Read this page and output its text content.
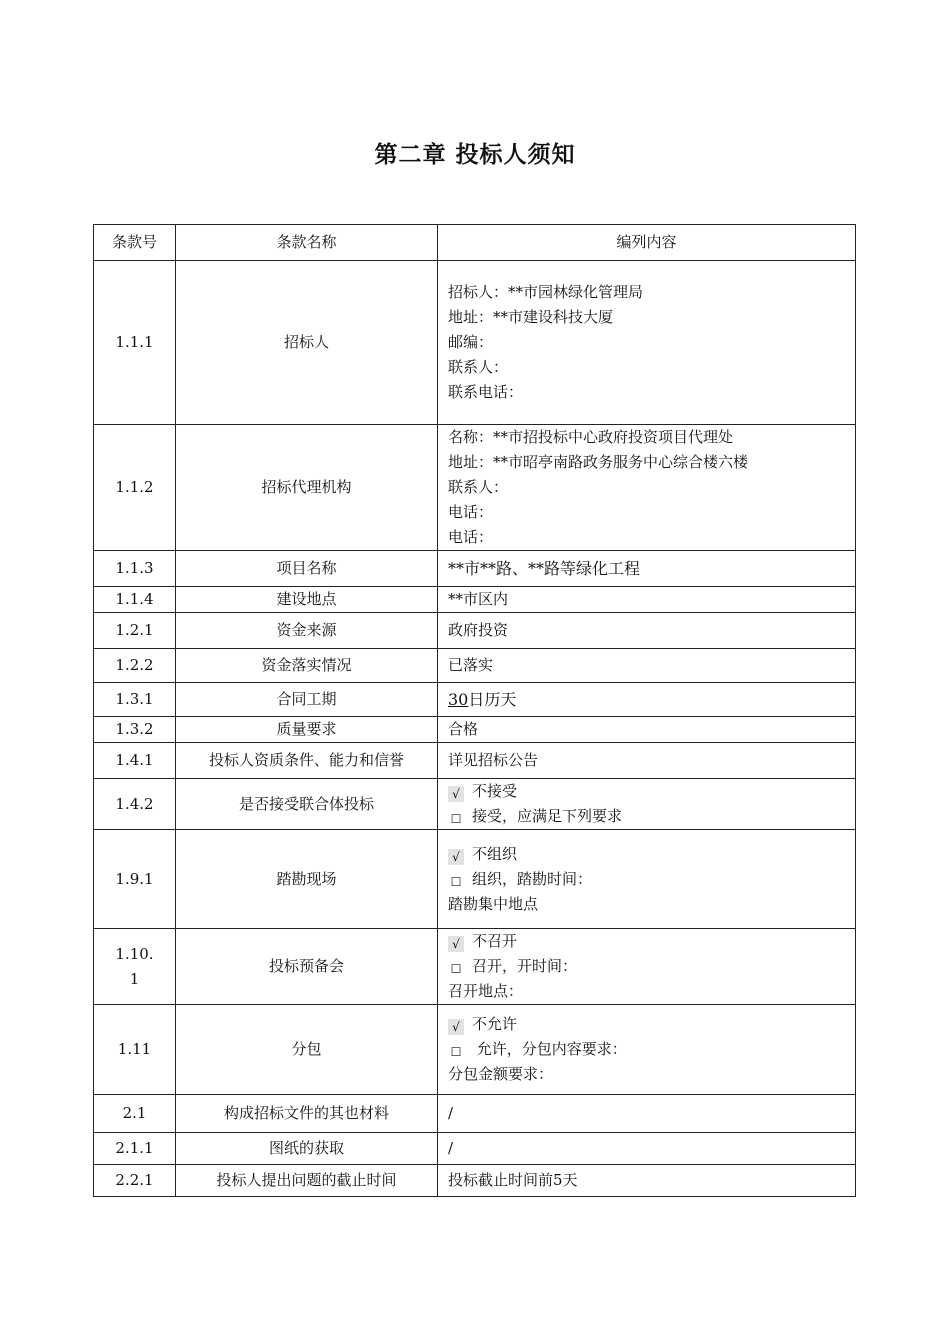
第二章 投标人须知
条款号	条款名称	编列内容
1.1.1	招标人	招标人：**市园林绿化管理局
地址：**市建设科技大厦
邮编：
联系人：
联系电话：

1.1.2	招标代理机构	名称：**市招投标中心政府投资项目代理处
地址：**市昭亭南路政务服务中心综合楼六楼
联系人：
电话：
电话：

1.1.3	项目名称	**市**路、**路等绿化工程
1.1.4	建设地点	**市区内
1.2.1	资金来源	政府投资
1.2.2	资金落实情况	已落实
1.3.1	合同工期	30日历天
1.3.2	质量要求	合格
1.4.1	投标人资质条件、能力和信誉	详见招标公告
1.4.2	是否接受联合体投标	√ 不接受
☐ 接受，应满足下列要求

1.9.1	踏勘现场	√ 不组织
☐ 组织，踏勘时间：
踏勘集中地点

1.10.
1	投标预备会	√ 不召开
☐ 召开，开时间：
召开地点：

1.11	分包	√ 不允许
☐ 允许，分包内容要求：
分包金额要求：

2.1	构成招标文件的其也材料	/
2.1.1	图纸的获取	/
2.2.1	投标人提出问题的截止时间	投标截止时间前5天
